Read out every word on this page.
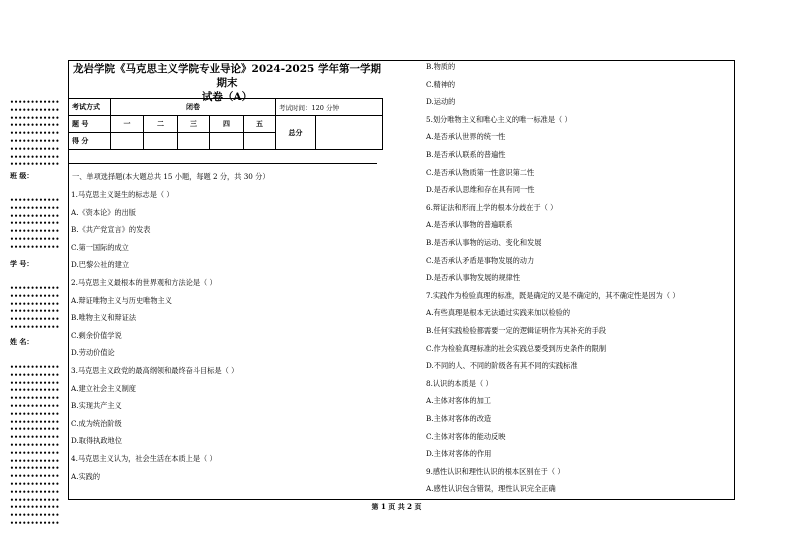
••••••••••••
••••••••••••
••••••••••••
••••••••••••
••••••••••••
••••••••••••
••••••••••••
••••••••••••
••••••••••••
班 级：
••••••••••••
••••••••••••
••••••••••••
••••••••••••
••••••••••••
••••••••••••
••••••••••••
学 号：
••••••••••••
••••••••••••
••••••••••••
••••••••••••
••••••••••••
••••••••••••
姓 名：
••••••••••••
••••••••••••
••••••••••••
••••••••••••
••••••••••••
••••••••••••
••••••••••••
••••••••••••
••••••••••••
••••••••••••
••••••••••••
••••••••••••
••••••••••••
••••••••••••
••••••••••••
••••••••••••
••••••••••••
••••••••••••
••••••••••••
••••••••••••
••••••••••••
龙岩学院《马克思主义学院专业导论》2024-2025 学年第一学期期末
试卷（A）
考试方式	闭卷					考试时间：120 分钟	
题 号	一	二	三	四	五	总分	
得 分							
一、单项选择题(本大题总共 15 小题，每题 2 分，共 30 分）
1.马克思主义诞生的标志是（ ）
A.《资本论》的出版
B.《共产党宣言》的发表
C.第一国际的成立
D.巴黎公社的建立
2.马克思主义最根本的世界观和方法论是（ ）
A.辩证唯物主义与历史唯物主义
B.唯物主义和辩证法
C.剩余价值学说
D.劳动价值论
3.马克思主义政党的最高纲领和最终奋斗目标是（ ）
A.建立社会主义制度
B.实现共产主义
C.成为统治阶级
D.取得执政地位
4.马克思主义认为，社会生活在本质上是（ ）
A.实践的
B.物质的
C.精神的
D.运动的
5.划分唯物主义和唯心主义的唯一标准是（ ）
A.是否承认世界的统一性
B.是否承认联系的普遍性
C.是否承认物质第一性意识第二性
D.是否承认思维和存在具有同一性
6.辩证法和形而上学的根本分歧在于（ ）
A.是否承认事物的普遍联系
B.是否承认事物的运动、变化和发展
C.是否承认矛盾是事物发展的动力
D.是否承认事物发展的规律性
7.实践作为检验真理的标准，既是确定的又是不确定的，其不确定性是因为（ ）
A.有些真理是根本无法通过实践来加以检验的
B.任何实践检验都需要一定的逻辑证明作为其补充的手段
C.作为检验真理标准的社会实践总要受到历史条件的限制
D.不同的人、不同的阶级各有其不同的实践标准
8.认识的本质是（ ）
A.主体对客体的加工
B.主体对客体的改造
C.主体对客体的能动反映
D.主体对客体的作用
9.感性认识和理性认识的根本区别在于（ ）
A.感性认识包含错误，理性认识完全正确
第 1 页 共 2 页
